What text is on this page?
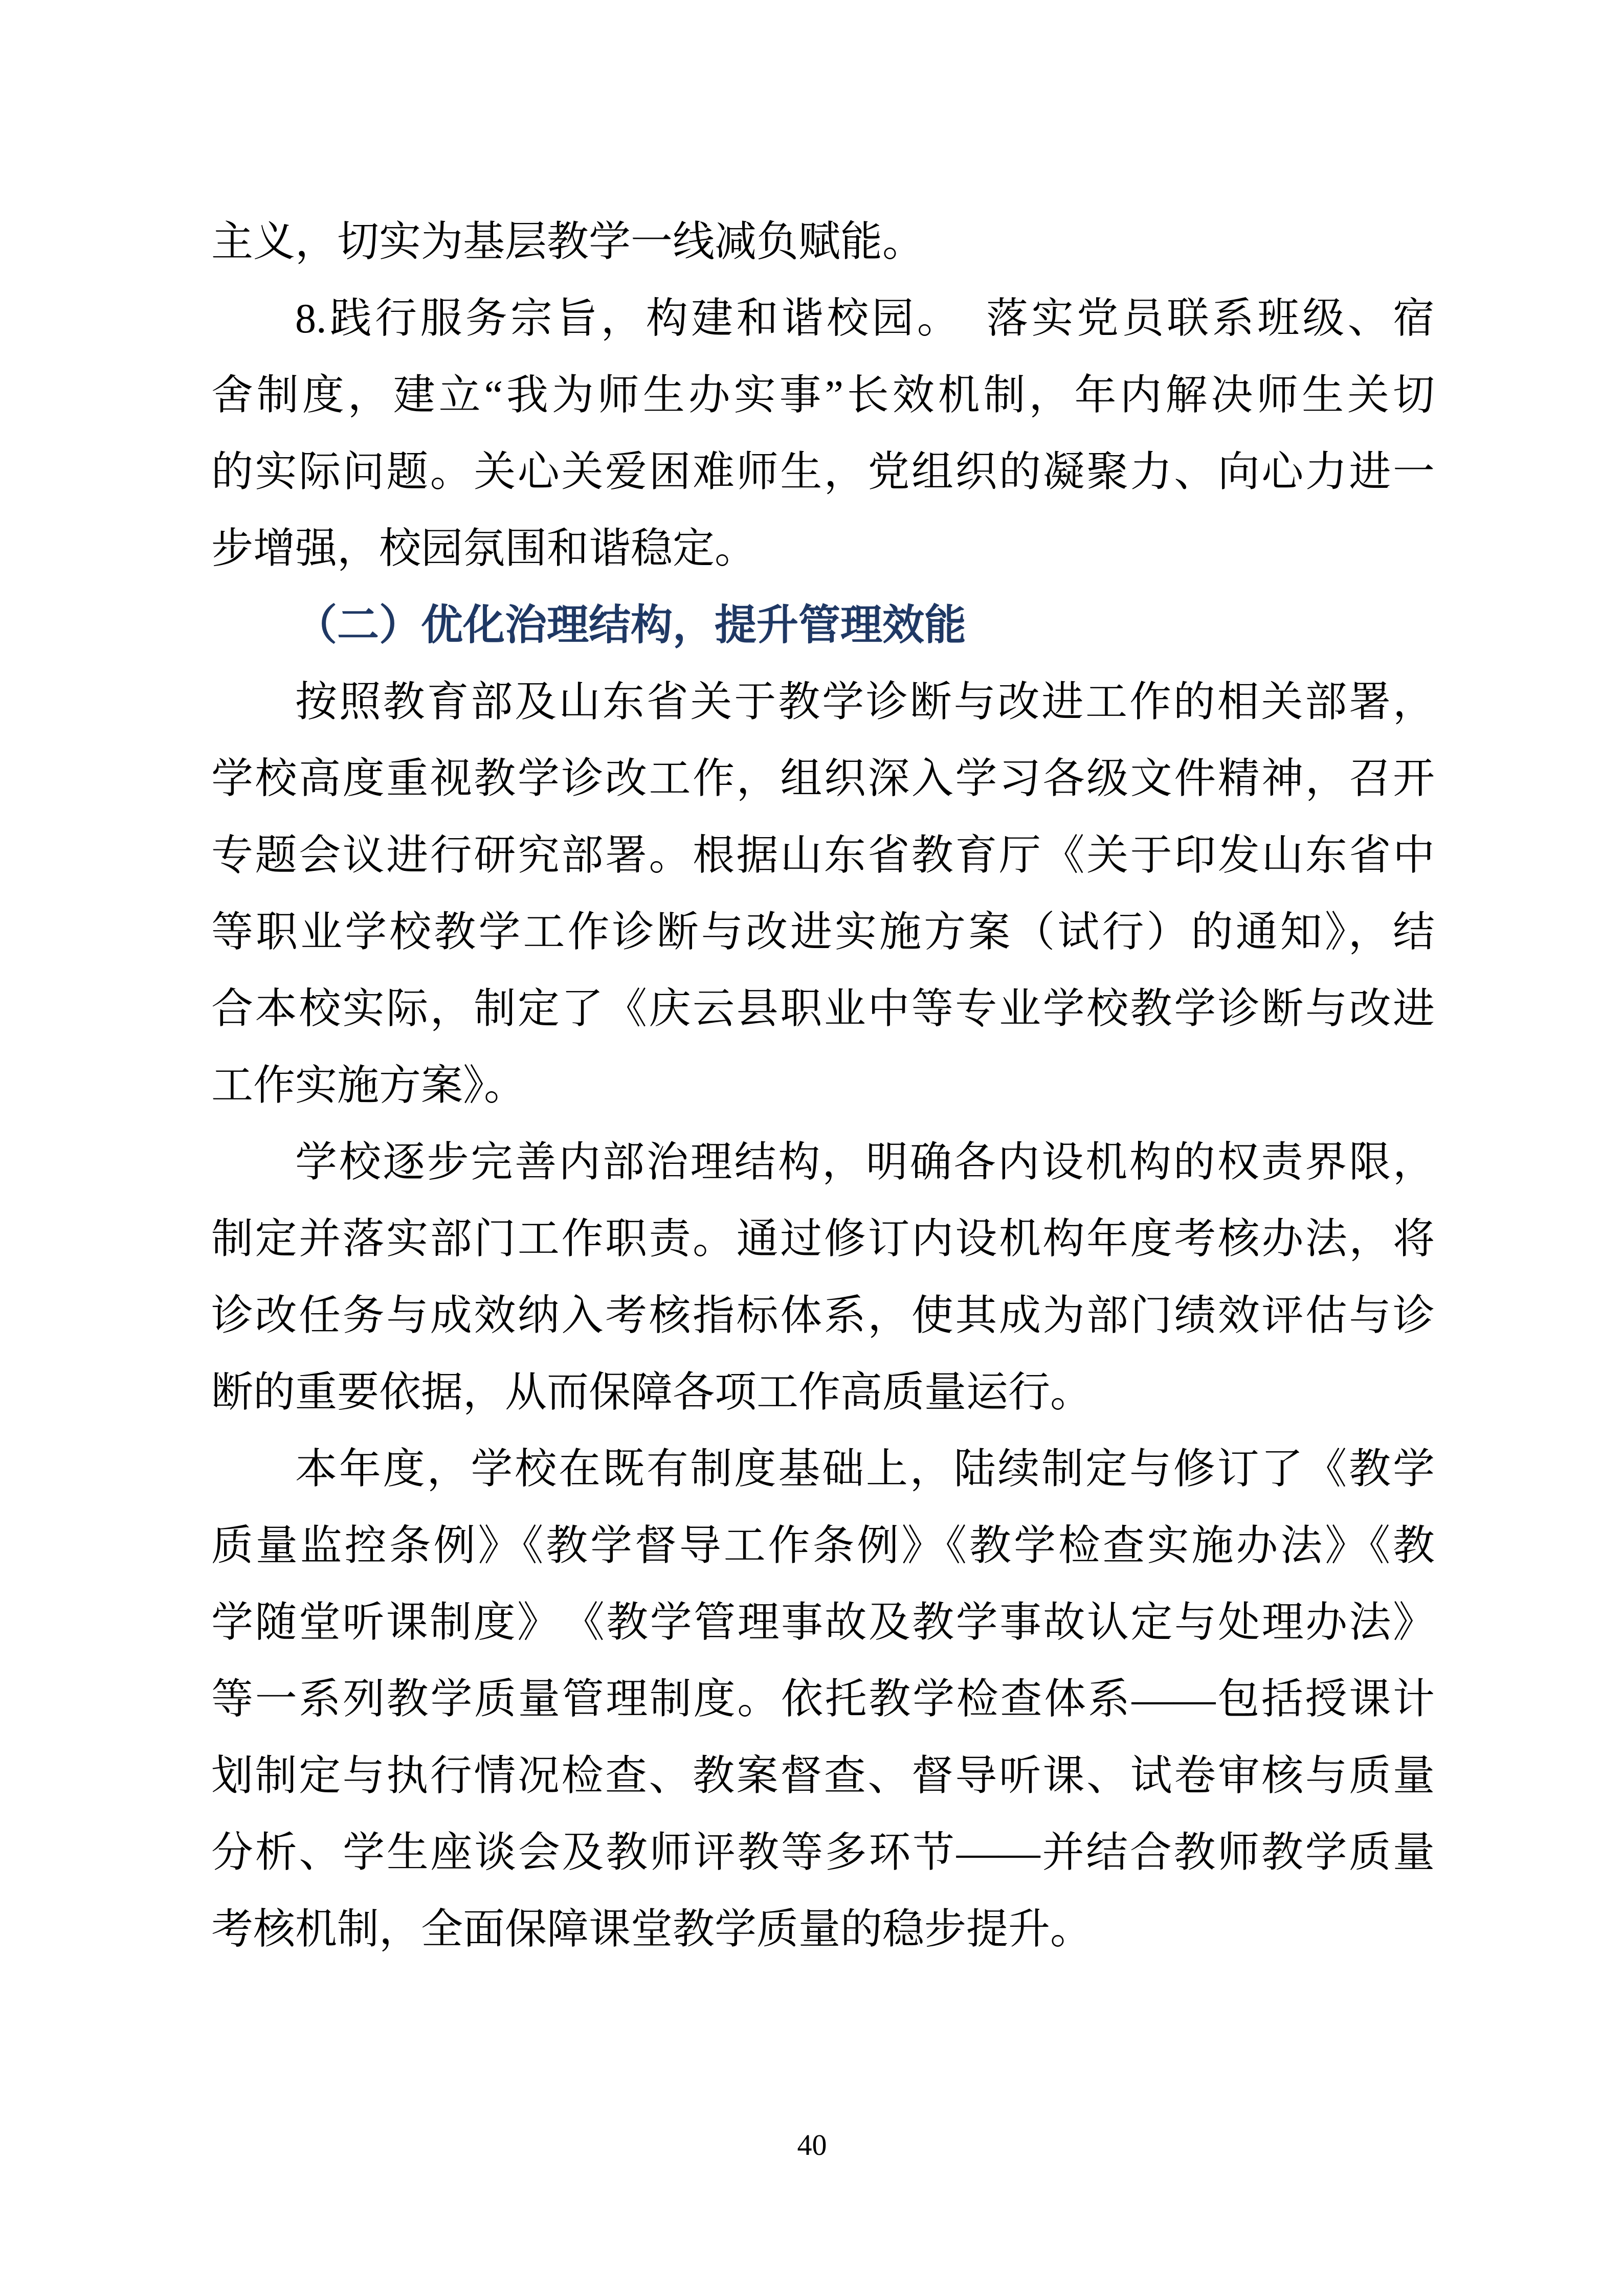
主义，切实为基层教学一线减负赋能。
8.践行服务宗旨，构建和谐校园。　落实党员联系班级、宿
舍制度，建立“我为师生办实事”长效机制，年内解决师生关切
的实际问题。关心关爱困难师生，党组织的凝聚力、向心力进一
步增强，校园氛围和谐稳定。
（二）优化治理结构，提升管理效能
按照教育部及山东省关于教学诊断与改进工作的相关部署，
学校高度重视教学诊改工作，组织深入学习各级文件精神，召开
专题会议进行研究部署。根据山东省教育厅《关于印发山东省中
等职业学校教学工作诊断与改进实施方案（试行）的通知》，结
合本校实际，制定了《庆云县职业中等专业学校教学诊断与改进
工作实施方案》。
学校逐步完善内部治理结构，明确各内设机构的权责界限，
制定并落实部门工作职责。通过修订内设机构年度考核办法，将
诊改任务与成效纳入考核指标体系，使其成为部门绩效评估与诊
断的重要依据，从而保障各项工作高质量运行。
本年度，学校在既有制度基础上，陆续制定与修订了《教学
质量监控条例》《教学督导工作条例》《教学检查实施办法》《教
学随堂听课制度》　《教学管理事故及教学事故认定与处理办法》
等一系列教学质量管理制度。依托教学检查体系——包括授课计
划制定与执行情况检查、教案督查、督导听课、试卷审核与质量
分析、学生座谈会及教师评教等多环节——并结合教师教学质量
考核机制，全面保障课堂教学质量的稳步提升。
40
